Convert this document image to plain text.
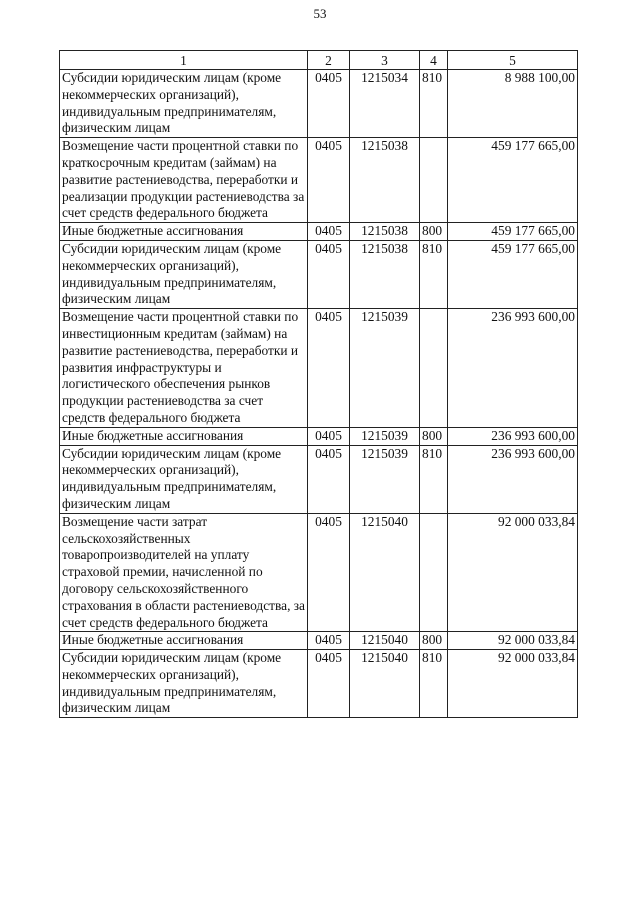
53
1	2	3	4	5
Субсидии юридическим лицам (кроме некоммерческих организаций), индивидуальным предпринимателям, физическим лицам	0405	1215034	810	8 988 100,00
Возмещение части процентной ставки по краткосрочным кредитам (займам) на развитие растениеводства, переработки и реализации продукции растениеводства за счет средств федерального бюджета	0405	1215038		459 177 665,00
Иные бюджетные ассигнования	0405	1215038	800	459 177 665,00
Субсидии юридическим лицам (кроме некоммерческих организаций), индивидуальным предпринимателям, физическим лицам	0405	1215038	810	459 177 665,00
Возмещение части процентной ставки по инвестиционным кредитам (займам) на развитие растениеводства, переработки и развития инфраструктуры и логистического обеспечения рынков продукции растениеводства за счет средств федерального бюджета	0405	1215039		236 993 600,00
Иные бюджетные ассигнования	0405	1215039	800	236 993 600,00
Субсидии юридическим лицам (кроме некоммерческих организаций), индивидуальным предпринимателям, физическим лицам	0405	1215039	810	236 993 600,00
Возмещение части затрат сельскохозяйственных товаропроизводителей на уплату страховой премии, начисленной по договору сельскохозяйственного страхования в области растениеводства, за счет средств федерального бюджета	0405	1215040		92 000 033,84
Иные бюджетные ассигнования	0405	1215040	800	92 000 033,84
Субсидии юридическим лицам (кроме некоммерческих организаций), индивидуальным предпринимателям, физическим лицам	0405	1215040	810	92 000 033,84
